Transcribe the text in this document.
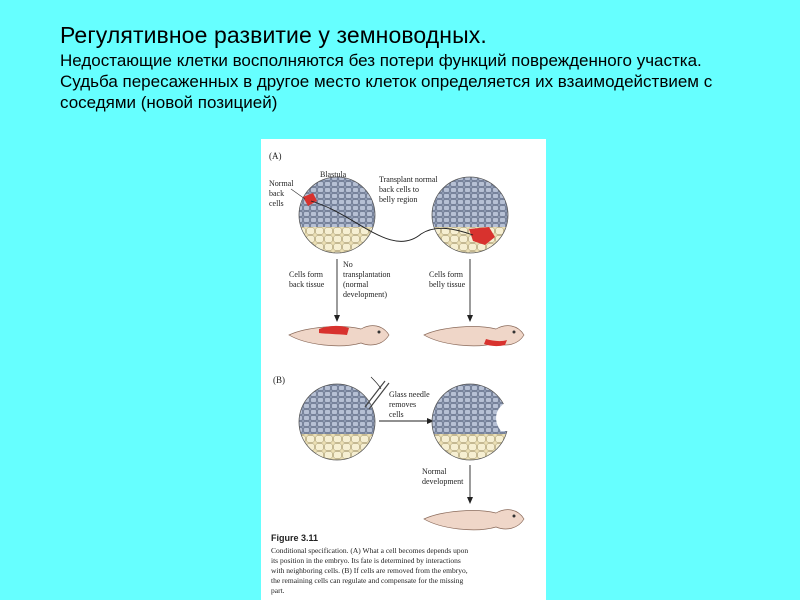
Регулятивное развитие у земноводных.

Недостающие клетки восполняются без потери функций поврежденного участка. Судьба пересаженных в другое место клеток определяется их взаимодействием с соседями (новой позицией)

(A)
Normal
back
cells
Blastula
Transplant normal
back cells to
belly region
Cells form
back tissue
No
transplantation
(normal
development)
Cells form
belly tissue
(B)
Glass needle
removes
cells
Normal
development
Figure 3.11
Conditional specification. (A) What a cell becomes depends upon
its position in the embryo. Its fate is determined by interactions
with neighboring cells. (B) If cells are removed from the embryo,
the remaining cells can regulate and compensate for the missing
part.
